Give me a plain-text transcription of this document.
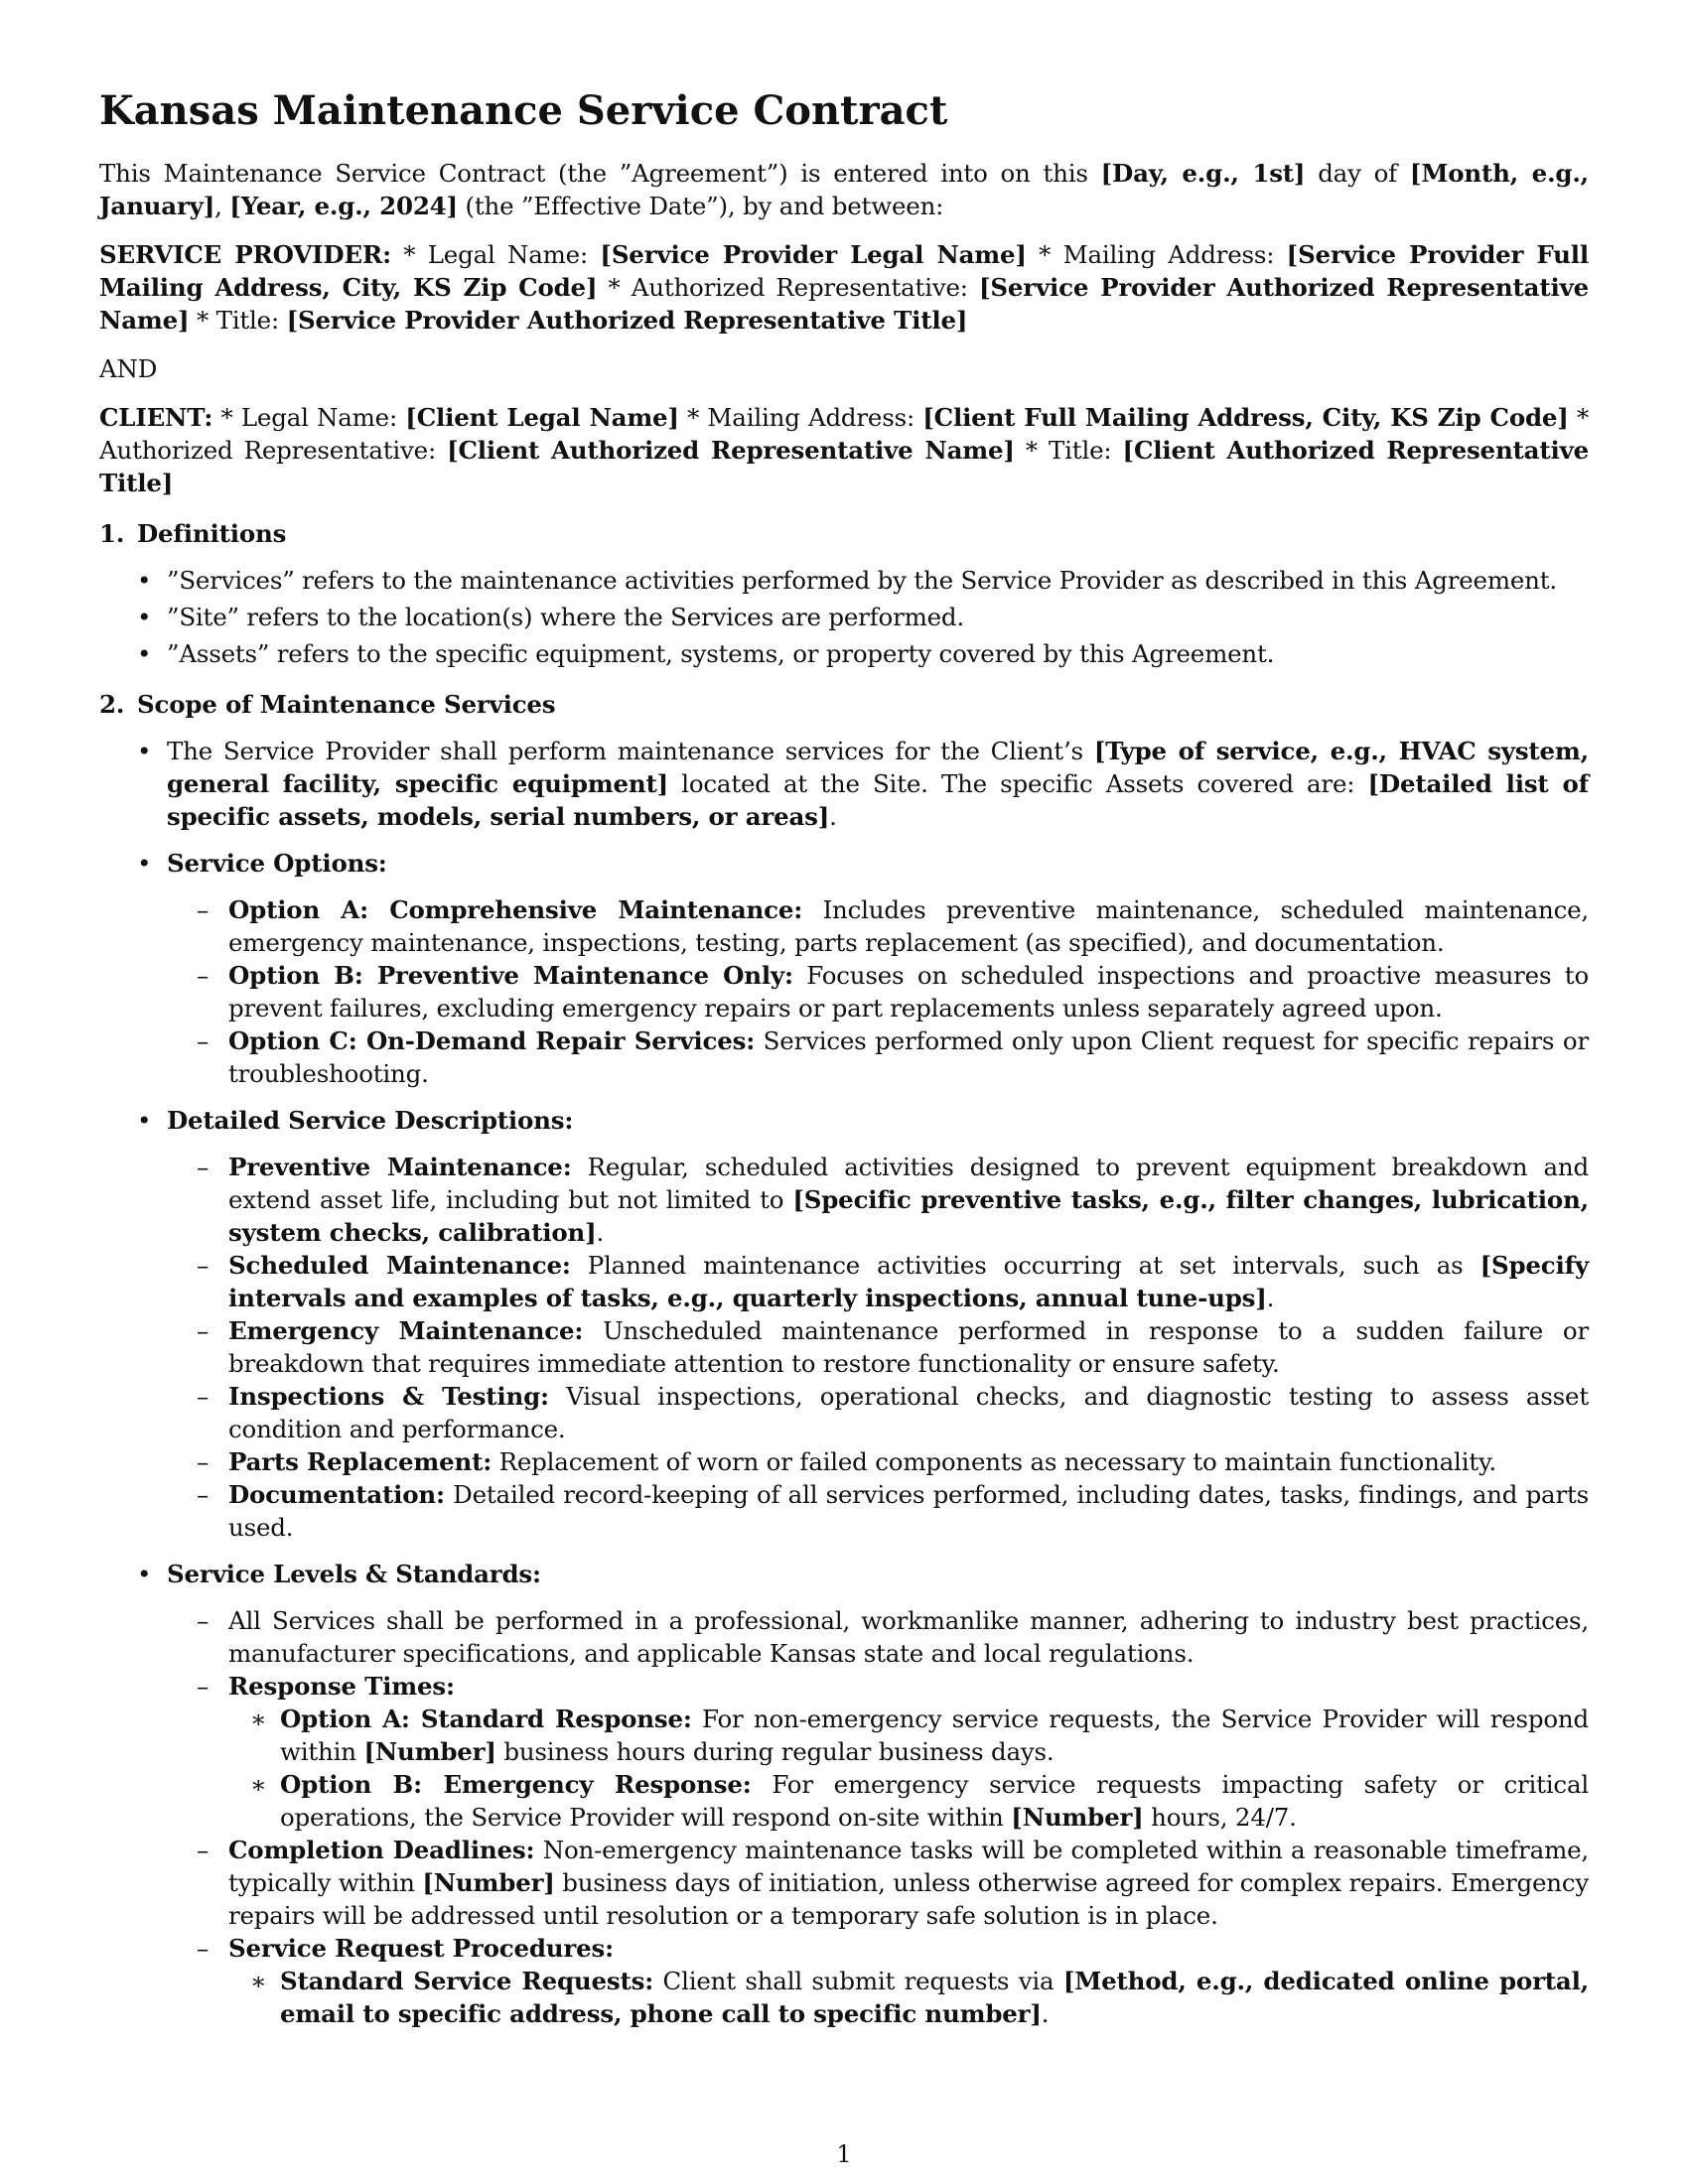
Kansas Maintenance Service Contract

This Maintenance Service Contract (the ”Agreement”) is entered into on this [Day, e.g., 1st] day of [Month, e.g., January], [Year, e.g., 2024] (the ”Effective Date”), by and between:

SERVICE PROVIDER: * Legal Name: [Service Provider Legal Name] * Mailing Address: [Service Provider Full Mailing Address, City, KS Zip Code] * Authorized Representative: [Service Provider Authorized Representative Name] * Title: [Service Provider Authorized Representative Title]

AND

CLIENT: * Legal Name: [Client Legal Name] * Mailing Address: [Client Full Mailing Address, City, KS Zip Code] * Authorized Representative: [Client Authorized Representative Name] * Title: [Client Authorized Representative Title]

1. Definitions
• ”Services” refers to the maintenance activities performed by the Service Provider as described in this Agreement.
• ”Site” refers to the location(s) where the Services are performed.
• ”Assets” refers to the specific equipment, systems, or property covered by this Agreement.
2. Scope of Maintenance Services
• The Service Provider shall perform maintenance services for the Client’s [Type of service, e.g., HVAC system, general facility, specific equipment] located at the Site. The specific Assets covered are: [Detailed list of specific assets, models, serial numbers, or areas].
• Service Options:
– Option A: Comprehensive Maintenance: Includes preventive maintenance, scheduled maintenance, emergency maintenance, inspections, testing, parts replacement (as specified), and documentation.
– Option B: Preventive Maintenance Only: Focuses on scheduled inspections and proactive measures to prevent failures, excluding emergency repairs or part replacements unless separately agreed upon.
– Option C: On-Demand Repair Services: Services performed only upon Client request for specific repairs or troubleshooting.
• Detailed Service Descriptions:
– Preventive Maintenance: Regular, scheduled activities designed to prevent equipment breakdown and extend asset life, including but not limited to [Specific preventive tasks, e.g., filter changes, lubrication, system checks, calibration].
– Scheduled Maintenance: Planned maintenance activities occurring at set intervals, such as [Specify intervals and examples of tasks, e.g., quarterly inspections, annual tune-ups].
– Emergency Maintenance: Unscheduled maintenance performed in response to a sudden failure or breakdown that requires immediate attention to restore functionality or ensure safety.
– Inspections & Testing: Visual inspections, operational checks, and diagnostic testing to assess asset condition and performance.
– Parts Replacement: Replacement of worn or failed components as necessary to maintain functionality.
– Documentation: Detailed record-keeping of all services performed, including dates, tasks, findings, and parts used.
• Service Levels & Standards:
– All Services shall be performed in a professional, workmanlike manner, adhering to industry best practices, manufacturer specifications, and applicable Kansas state and local regulations.
– Response Times:
∗ Option A: Standard Response: For non-emergency service requests, the Service Provider will respond within [Number] business hours during regular business days.
∗ Option B: Emergency Response: For emergency service requests impacting safety or critical operations, the Service Provider will respond on-site within [Number] hours, 24/7.
– Completion Deadlines: Non-emergency maintenance tasks will be completed within a reasonable timeframe, typically within [Number] business days of initiation, unless otherwise agreed for complex repairs. Emergency repairs will be addressed until resolution or a temporary safe solution is in place.
– Service Request Procedures:
∗ Standard Service Requests: Client shall submit requests via [Method, e.g., dedicated online portal, email to specific address, phone call to specific number].
1
